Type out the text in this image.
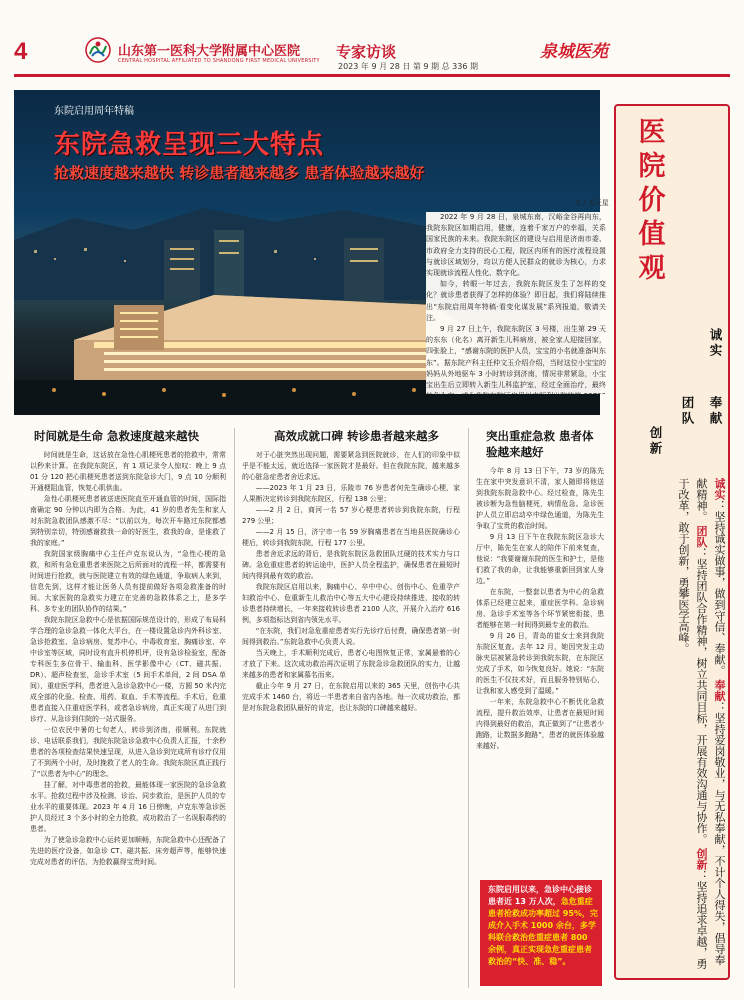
4	山东第一医科大学附属中心医院
CENTRAL HOSPITAL AFFILIATED TO SHANDONG FIRST MEDICAL UNIVERSITY 专家访谈
2023 年 9 月 28 日 第 9 期 总 336 期
泉城医苑
东院启用周年特稿
东院急救呈现三大特点
抢救速度越来越快 转诊患者越来越多 患者体验越来越好
文 / 关天星

2022 年 9 月 28 日，泉城东南，汉峪金谷再向东，我院东院区如期启用，健康，连着千家万户的幸福，关系国家民族的未来。我院东院区的建设与启用是济南市委、市政府全力支持的民心工程，院区内所有的医疗流程设置与就诊区域划分，均以方便人民群众的就诊为核心，力求实现就诊流程人性化、数字化。

如今，转眼一年过去，我院东院区发生了怎样的变化？就诊患者获得了怎样的体验？即日起，我们将陆续推出“东院启用周年特稿·看变化谋发展”系列报道，敬请关注。

9 月 27 日上午，我院东院区 3 号楼，出生第 29 天的东东（化名）离开新生儿科病房，被全家人迎接回家，四张脸上，“感谢东院的医护人员，宝宝的小名就准备叫东东”。据东院产科主任仲文玉介绍介绍，当时这位小宝宝的妈妈从外地驱车 3 小时转诊到济南，情况非常紧急，小宝宝出生后立即转入新生儿科监护室，经过全面治疗，最终

时间就是生命 急救速度越来越快	高效成就口碑 转诊患者越来越多	突出重症急救 患者体验越来越好

时间就是生命，这话放在急性心肌梗死患者的抢救中，常常以秒来计算。在我院东院区，有 1 项记录令人惊叹：晚上 9 点 01 分 120 把心肌梗死患者送到东院急诊大门，9 点 10 分顺利开通梗阻血管，恢复心肌供血。

急性心肌梗死患者被送进医院直至开通血管的时间，国际指南确定 90 分钟以内即为合格。为此，41 岁的患者先生和家人对东院急救团队感激不尽：“以前以为，每次开车路过东院都感到特别亲切，特别感谢救我一命的好医生，救我的命，是谁救了我的家庭。”

我院国家级胸痛中心主任卢克东说认为，“急性心梗的急救，和所有急危重患者来医院之后所面对的流程一样，都需要有时间进行抢救，就与医院建立有效的绿色通道，争取病人来到，信息先到，这样才能让医务人员有提前做好各项急救准备的时间。大家医院的急救实力建立在完善的急救体系之上，是多学科、多专业的团队协作的结果。”

我院东院区急救中心是依据国际规范设计的，形成了布局科学合理的急诊急救一体化大平台，在一楼设置急诊内外科诊室、急诊抢救室、急诊病房、复苏中心、中毒收育室、胸痛诊室、卒中诊室等区域，同时设有直升机停机坪，设有急诊检验室，配备专科医生多位骨干、输血科、医学影像中心（CT、磁共振、DR）、超声检查室，急诊手术室（5 间手术单间，2 间 DSA 单间），重症医学科，患者进入急诊急救中心一楼，方圆 50 米内完成全部的化验、检查、用药、取血、手术等流程。手术后，危重患者直接入住重症医学科，或者急诊病房，真正实现了从进门到诊疗、从急诊到住院的一站式服务。

一位农民中暑的七旬老人，转诊到济南，很顺利。东院就诊、电话联系我们，我院东院急诊急救中心负责人汇报，十余秒患者的各项检查结果快速呈现，从进入急诊到完成所有诊疗仅用了不到两个小时，及时挽救了老人的生命。我院东院区真正践行了“以患者为中心”的理念。

挂了解，对中毒患者的抢救，最能体现一家医院的急诊急救水平。抢救过程中涉及检测、诊治、同步救治，是医护人员的专业水平的重要体现。2023 年 4 月 16 日傍晚，卢克东等急诊医护人员经过 3 个多小时的全力抢救，成功救治了一名误服毒药的患者。

为了使急诊急救中心运转更加顺畅，东院急救中心还配备了先进的医疗设备，如急诊 CT、磁共振、床旁超声等，能够快速完成对患者的评估，为抢救赢得宝贵时间。

对于心脏突然出现问题，需要紧急到医院就诊，在人们的印象中似乎是不能太远，就近选择一家医院才是最好。但在我院东院，越来越多的心脏急症患者舍近求远。

——2023 年 1 月 23 日，乐陵市 76 岁患者何先生确诊心梗，家人果断决定转诊到我院东院区，行程 138 公里；

——2 月 2 日，商河一名 57 岁心梗患者转诊到我院东院，行程 279 公里；

——2 月 15 日，济宁市一名 59 岁胸痛患者在当地县医院确诊心梗后，转诊到我院东院，行程 177 公里。

患者舍近求远的背后，是我院东院区急救团队过硬的技术实力与口碑。急危重症患者的转运途中，医护人员全程监护，确保患者在最短时间内得到最有效的救治。

我院东院区启用以来，胸痛中心、卒中中心、创伤中心、危重孕产妇救治中心、危重新生儿救治中心等五大中心建设持续推进，接收的转诊患者持续增长，一年来接收转诊患者 2100 人次，开展介入治疗 616 例，多项指标达到省内领先水平。

“在东院，我们对急危重症患者实行先诊疗后付费，确保患者第一时间得到救治。”东院急救中心负责人说。

当天晚上，手术顺利完成后，患者心电图恢复正常，家属悬着的心才放了下来。这次成功救治再次证明了东院急诊急救团队的实力，让越来越多的患者和家属慕名而来。

截止今年 9 月 27 日，在东院启用以来的 365 天里，创伤中心共完成手术 1460 台，将近一半患者来自省内各地。每一次成功救治，都是对东院急救团队最好的肯定，也让东院的口碑越来越好。

今年 8 月 13 日下午，73 岁的陈先生在家中突发意识不清，家人随即将他送到我院东院急救中心。经过检查，陈先生被诊断为急性脑梗死，病情危急。急诊医护人员立即启动卒中绿色通道，为陈先生争取了宝贵的救治时间。

9 月 13 日下午在我院东院区急诊大厅中，陈先生在家人的陪伴下前来复查，他说：“我要谢谢东院的医生和护士，是他们救了我的命，让我能够重新回到家人身边。”

在东院，一整套以患者为中心的急救体系已经建立起来，重症医学科、急诊病房、急诊手术室等各个环节紧密衔接，患者能够在第一时间得到最专业的救治。

9 月 26 日，青岛的崔女士来到我院东院区复查。去年 12 月，她因突发主动脉夹层被紧急转诊到我院东院，在东院区完成了手术，如今恢复良好。她说：“东院的医生不仅技术好，而且服务特别贴心，让我和家人感受到了温暖。”

一年来，东院急救中心不断优化急救流程，提升救治效率，让患者在最短时间内得到最好的救治，真正做到了“让患者少跑路，让数据多跑路”，患者的就医体验越来越好。

东院启用以来，急诊中心接诊患者近 13 万人次，急危重症患者抢救成功率超过 95%，完成介入手术 1000 余台，多学科联合救治危重症患者 800 余例，真正实现急危重症患者救治的“快、准、稳”。
医院价值观
诚实
奉献
团队
创新
诚实：坚持诚实做事，做到守信、奉献。 奉献：坚持爱岗敬业，与无私奉献，不计个人得失，倡导奉献精神。 团队：坚持团队合作精神，树立共同目标，开展有效沟通与协作。 创新：坚持追求卓越，勇于改革，敢于创新，勇攀医学高峰。
